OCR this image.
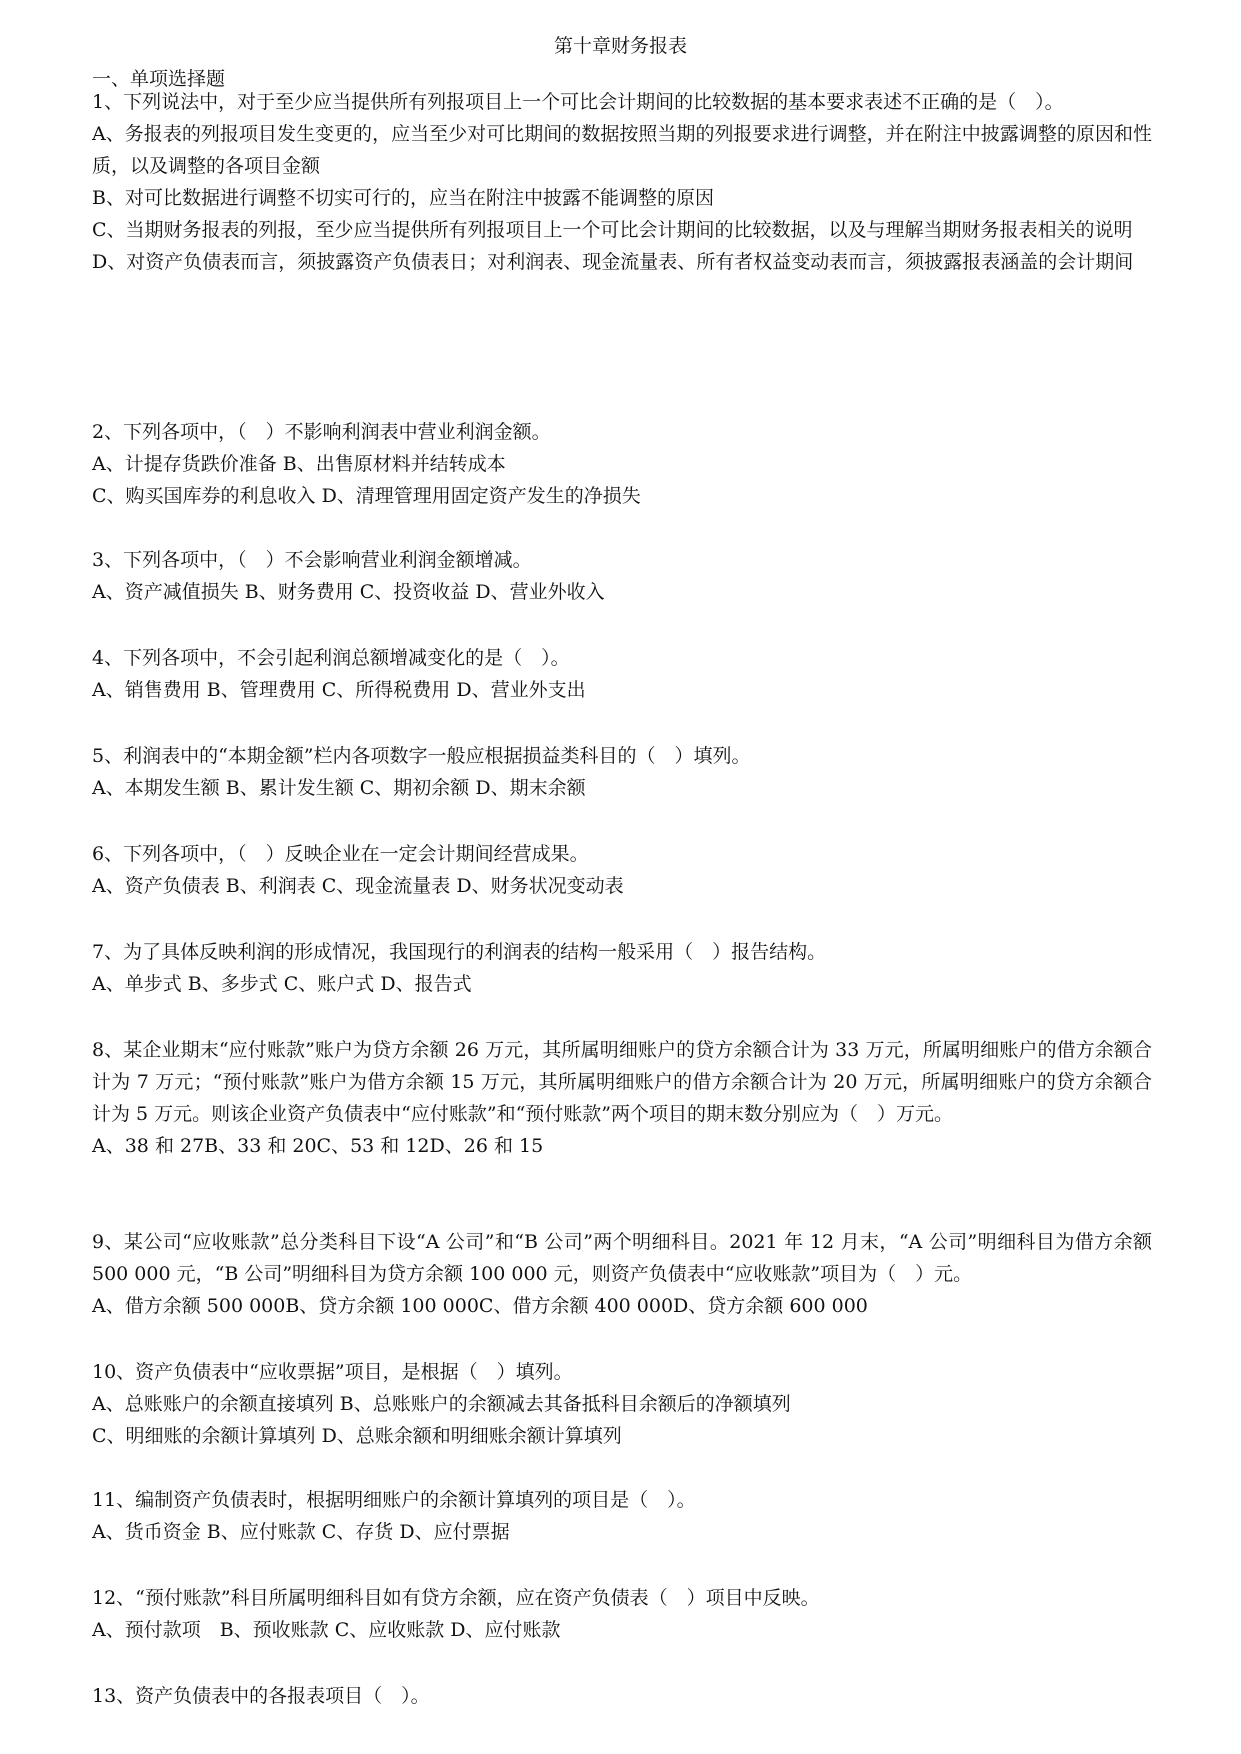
第十章财务报表
一、单项选择题

1、下列说法中，对于至少应当提供所有列报项目上一个可比会计期间的比较数据的基本要求表述不正确的是（　）。

A、务报表的列报项目发生变更的，应当至少对可比期间的数据按照当期的列报要求进行调整，并在附注中披露调整的原因和性质，以及调整的各项目金额

B、对可比数据进行调整不切实可行的，应当在附注中披露不能调整的原因

C、当期财务报表的列报，至少应当提供所有列报项目上一个可比会计期间的比较数据，以及与理解当期财务报表相关的说明

D、对资产负债表而言，须披露资产负债表日；对利润表、现金流量表、所有者权益变动表而言，须披露报表涵盖的会计期间

2、下列各项中，（　）不影响利润表中营业利润金额。

A、计提存货跌价准备 B、出售原材料并结转成本

C、购买国库券的利息收入 D、清理管理用固定资产发生的净损失

3、下列各项中，（　）不会影响营业利润金额增减。

A、资产减值损失 B、财务费用 C、投资收益 D、营业外收入

4、下列各项中，不会引起利润总额增减变化的是（　）。

A、销售费用 B、管理费用 C、所得税费用 D、营业外支出

5、利润表中的“本期金额”栏内各项数字一般应根据损益类科目的（　）填列。

A、本期发生额 B、累计发生额 C、期初余额 D、期末余额

6、下列各项中，（　）反映企业在一定会计期间经营成果。

A、资产负债表 B、利润表 C、现金流量表 D、财务状况变动表

7、为了具体反映利润的形成情况，我国现行的利润表的结构一般采用（　）报告结构。

A、单步式 B、多步式 C、账户式 D、报告式

8、某企业期末“应付账款”账户为贷方余额 26 万元，其所属明细账户的贷方余额合计为 33 万元，所属明细账户的借方余额合计为 7 万元；“预付账款”账户为借方余额 15 万元，其所属明细账户的借方余额合计为 20 万元，所属明细账户的贷方余额合计为 5 万元。则该企业资产负债表中“应付账款”和“预付账款”两个项目的期末数分别应为（　）万元。

A、38 和 27B、33 和 20C、53 和 12D、26 和 15

9、某公司“应收账款”总分类科目下设“A 公司”和“B 公司”两个明细科目。2021 年 12 月末，“A 公司”明细科目为借方余额 500 000 元，“B 公司”明细科目为贷方余额 100 000 元，则资产负债表中“应收账款”项目为（　）元。

A、借方余额 500 000B、贷方余额 100 000C、借方余额 400 000D、贷方余额 600 000

10、资产负债表中“应收票据”项目，是根据（　）填列。

A、总账账户的余额直接填列 B、总账账户的余额减去其备抵科目余额后的净额填列

C、明细账的余额计算填列 D、总账余额和明细账余额计算填列

11、编制资产负债表时，根据明细账户的余额计算填列的项目是（　）。

A、货币资金 B、应付账款 C、存货 D、应付票据

12、“预付账款”科目所属明细科目如有贷方余额，应在资产负债表（　）项目中反映。

A、预付款项　B、预收账款 C、应收账款 D、应付账款

13、资产负债表中的各报表项目（　）。
